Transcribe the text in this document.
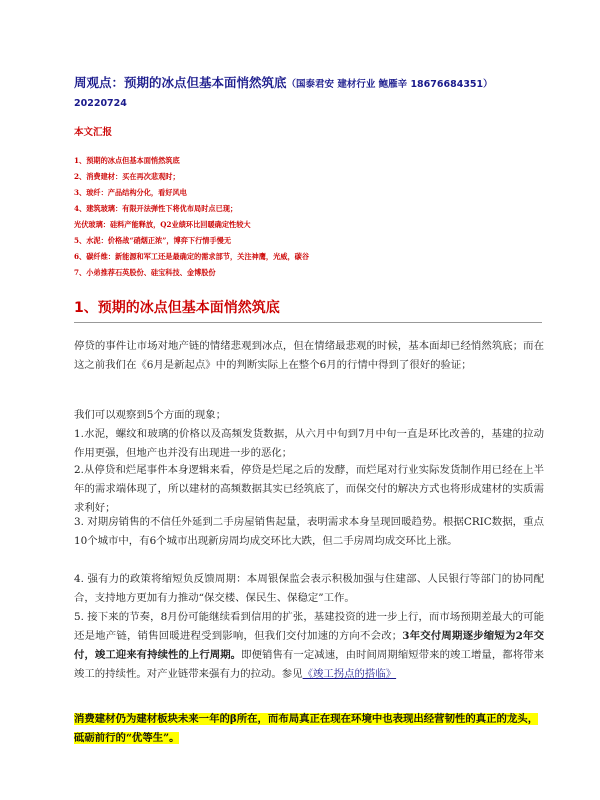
周观点：预期的冰点但基本面悄然筑底（国泰君安 建材行业 鲍雁辛 18676684351）
20220724
本文汇报
1、预期的冰点但基本面悄然筑底
2、消费建材：买在再次悲观时；
3、玻纤：产品结构分化，看好风电
4、建筑玻璃：有限开法弹性下将优布局时点已现；
光伏玻璃：硅料产能释放，Q2业绩环比回暖确定性较大
5、水泥：价格战“硝烟正浓”，博弈下行情手慢无
6、碳纤维：新能源和军工还是最确定的需求部节，关注神鹰，光威，碳谷
7、小弟推荐石英股份、硅宝科技、金博股份
1、预期的冰点但基本面悄然筑底

停贷的事件让市场对地产链的情绪悲观到冰点，但在情绪最悲观的时候，基本面却已经悄然筑底；而在这之前我们在《6月是新起点》中的判断实际上在整个6月的行情中得到了很好的验证；

我们可以观察到5个方面的现象；
1.水泥，螺纹和玻璃的价格以及高频发货数据，从六月中旬到7月中旬一直是环比改善的，基建的拉动作用更强，但地产也并没有出现进一步的恶化；

2.从停贷和烂尾事件本身逻辑来看，停贷是烂尾之后的发酵，而烂尾对行业实际发货制作用已经在上半年的需求端体现了，所以建材的高频数据其实已经筑底了，而保交付的解决方式也将形成建材的实质需求利好；

3. 对期房销售的不信任外延到二手房屋销售起量，表明需求本身呈现回暖趋势。根据CRIC数据，重点10个城市中，有6个城市出现新房周均成交环比大跌，但二手房周均成交环比上涨。

4. 强有力的政策将缩短负反馈周期：本周银保监会表示积极加强与住建部、人民银行等部门的协同配合，支持地方更加有力推动“保交楼、保民生、保稳定”工作。

5. 接下来的节奏，8月份可能继续看到信用的扩张，基建投资的进一步上行，而市场预期差最大的可能还是地产链，销售回暖进程受到影响，但我们交付加速的方向不会改；3年交付周期逐步缩短为2年交付，竣工迎来有持续性的上行周期。即便销售有一定减速，由时间周期缩短带来的竣工增量，都将带来竣工的持续性。对产业链带来强有力的拉动。参见《竣工拐点的搭临》

消费建材仍为建材板块未来一年的β所在，而布局真正在现在环境中也表现出经营韧性的真正的龙头，砥砺前行的“优等生”。
